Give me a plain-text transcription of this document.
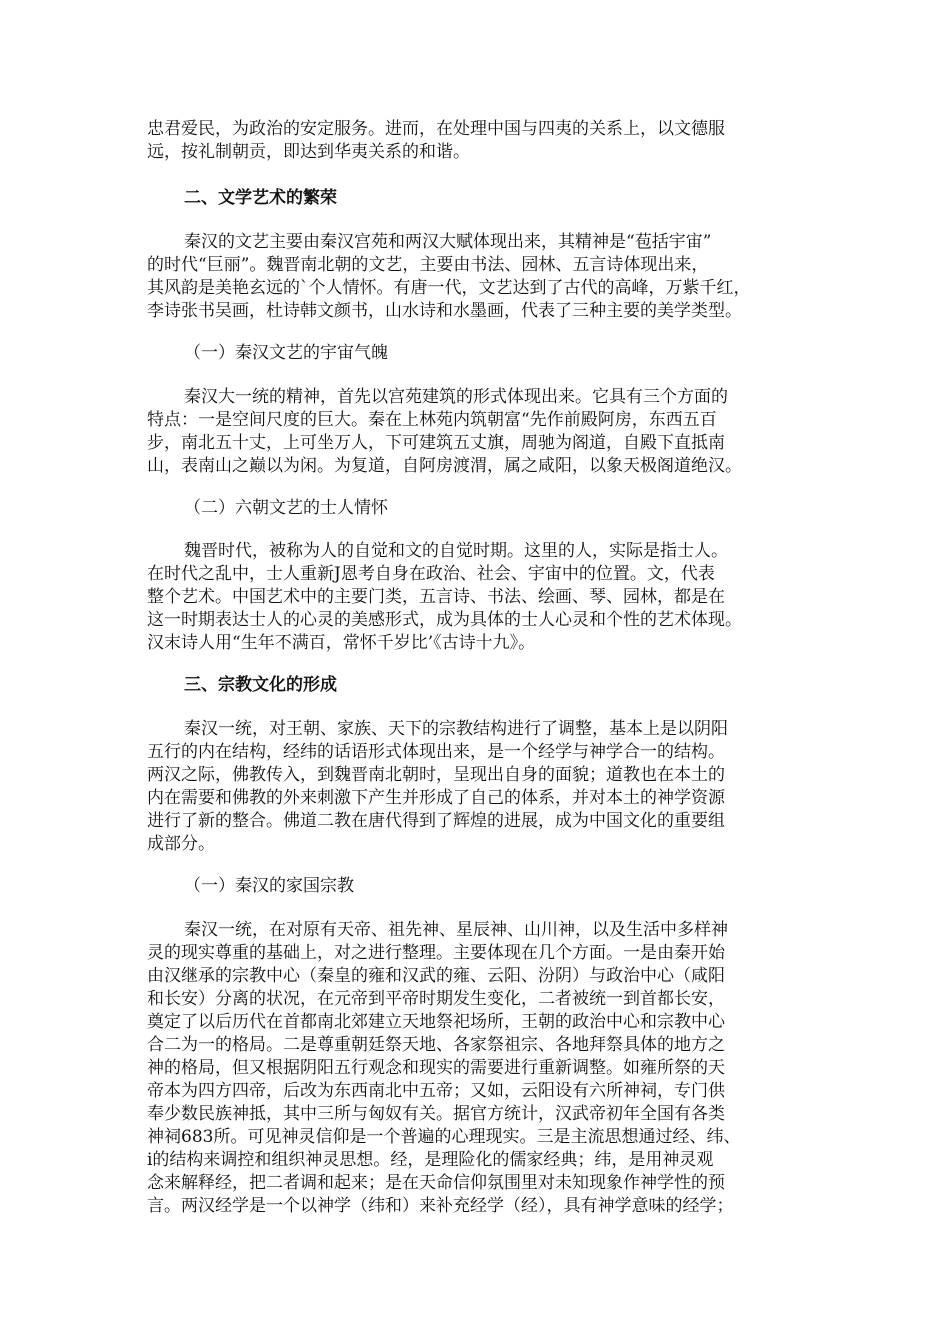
忠君爱民，为政治的安定服务。进而，在处理中国与四夷的关系上，以文德服
远，按礼制朝贡，即达到华夷关系的和谐。
二、文学艺术的繁荣
秦汉的文艺主要由秦汉宫苑和两汉大赋体现出来，其精神是“苞括宇宙”
的时代“巨丽”。魏晋南北朝的文艺，主要由书法、园林、五言诗体现出来，
其风韵是美艳玄远的`个人情怀。有唐一代，文艺达到了古代的高峰，万紫千红，
李诗张书吴画，杜诗韩文颜书，山水诗和水墨画，代表了三种主要的美学类型。
（一）秦汉文艺的宇宙气魄
秦汉大一统的精神，首先以宫苑建筑的形式体现出来。它具有三个方面的
特点：一是空间尺度的巨大。秦在上林苑内筑朝富“先作前殿阿房，东西五百
步，南北五十丈，上可坐万人，下可建筑五丈旗，周驰为阁道，自殿下直抵南
山，表南山之巅以为闲。为复道，自阿房渡渭，属之咸阳，以象天极阁道绝汉。
（二）六朝文艺的士人情怀
魏晋时代，被称为人的自觉和文的自觉时期。这里的人，实际是指士人。
在时代之乱中，士人重新J恩考自身在政治、社会、宇宙中的位置。文，代表
整个艺术。中国艺术中的主要门类，五言诗、书法、绘画、琴、园林，都是在
这一时期表达士人的心灵的美感形式，成为具体的士人心灵和个性的艺术体现。
汉末诗人用“生年不满百，常怀千岁比’《古诗十九》。
三、宗教文化的形成
秦汉一统，对王朝、家族、天下的宗教结构进行了调整，基本上是以阴阳
五行的内在结构，经纬的话语形式体现出来，是一个经学与神学合一的结构。
两汉之际，佛教传入，到魏晋南北朝时，呈现出自身的面貌；道教也在本土的
内在需要和佛教的外来刺激下产生并形成了自己的体系，并对本土的神学资源
进行了新的整合。佛道二教在唐代得到了辉煌的进展，成为中国文化的重要组
成部分。
（一）秦汉的家国宗教
秦汉一统，在对原有天帝、祖先神、星辰神、山川神，以及生活中多样神
灵的现实尊重的基础上，对之进行整理。主要体现在几个方面。一是由秦开始
由汉继承的宗教中心（秦皇的雍和汉武的雍、云阳、汾阴）与政治中心（咸阳
和长安）分离的状况，在元帝到平帝时期发生变化，二者被统一到首都长安，
奠定了以后历代在首都南北郊建立天地祭祀场所，王朝的政治中心和宗教中心
合二为一的格局。二是尊重朝廷祭天地、各家祭祖宗、各地拜祭具体的地方之
神的格局，但又根据阴阳五行观念和现实的需要进行重新调整。如雍所祭的天
帝本为四方四帝，后改为东西南北中五帝；又如，云阳设有六所神祠，专门供
奉少数民族神抵，其中三所与匈奴有关。据官方统计，汉武帝初年全国有各类
神祠683所。可见神灵信仰是一个普遍的心理现实。三是主流思想通过经、纬、
i的结构来调控和组织神灵思想。经，是理险化的儒家经典；纬，是用神灵观
念来解释经，把二者调和起来；是在天命信仰氛围里对未知现象作神学性的预
言。两汉经学是一个以神学（纬和）来补充经学（经），具有神学意味的经学；
